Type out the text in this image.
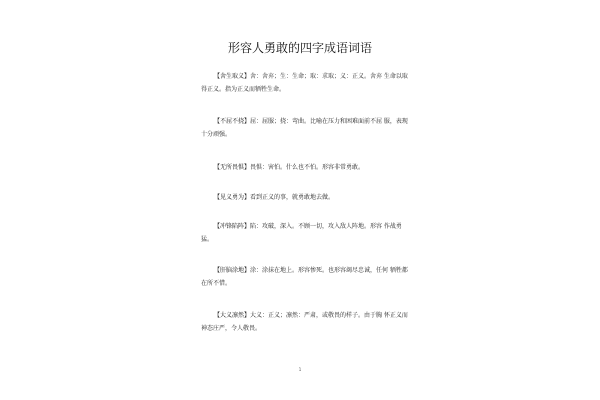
形容人勇敢的四字成语词语
【舍生取义】舍：舍弃；生：生命；取：求取；义：正义。舍弃 生命以取得正义。指为正义而牺牲生命。
【不屈不挠】屈：屈服；挠：弯曲。比喻在压力和困难面前不屈 服，表现十分顽强。
【无所畏惧】畏惧：害怕。什么也不怕。形容非常勇敢。
【见义勇为】看到正义的事，就勇敢地去做。
【冲锋陷阵】陷：攻破，深入。不顾一切，攻入敌人阵地。形容 作战勇猛。
【肝脑涂地】涂：涂抹在地上。形容惨死。也形容竭尽忠诚，任何 牺牲都在所不惜。
【大义凛然】大义：正义；凛然：严肃，或敬畏的样子。由于胸 怀正义而神态庄严，令人敬畏。
1
